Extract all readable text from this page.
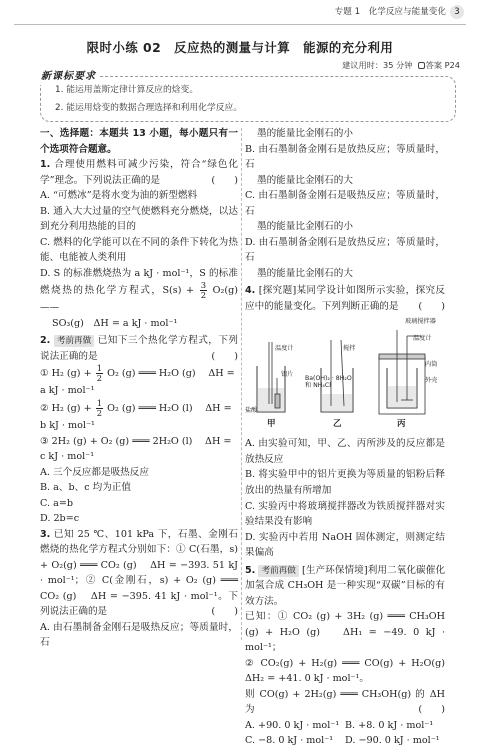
专题 1　化学反应与能量变化 3
限时小练 02　反应热的测量与计算　能源的充分利用
建议用时：35 分钟 答案 P24
新课标要求
1. 能运用盖斯定律计算反应的焓变。
2. 能运用焓变的数据合理选择和利用化学反应。

一、选择题：本题共 13 小题，每小题只有一个选项符合题意。

1. 合理使用燃料可减少污染，符合“绿色化学”理念。下列说法正确的是	(　　)

A. “可燃冰”是将水变为油的新型燃料

B. 通入大大过量的空气使燃料充分燃烧，以达到充分利用热能的目的

C. 燃料的化学能可以在不同的条件下转化为热能、电能被人类利用

D. S 的标准燃烧热为 a kJ · mol⁻¹，S 的标准燃烧热的热化学方程式，$S(s) + \frac{3}{2} O_2(g)$ ——

SO₃(g)　ΔH = a kJ · mol⁻¹

2. 考前再做 已知下三个热化学方程式，下列说法正确的是	(　　)

① H₂ $(g) + \frac{1}{2} O_2$ (g) ═══ H₂O (g)　 ΔH =

a kJ · mol⁻¹

② H₂ $(g) + \frac{1}{2} O_2$ (g) ═══ H₂O (l)　 ΔH =

b kJ · mol⁻¹

③ 2H₂ (g) + O₂ (g) ═══ 2H₂O (l)　 ΔH =

c kJ · mol⁻¹

A. 三个反应都是吸热反应

B. a、b、c 均为正值

C. a=b

D. 2b=c

3. 已知 25 ℃、101 kPa 下，石墨、金刚石燃烧的热化学方程式分别如下：① C(石墨，s) + O₂(g) ═══ CO₂ (g)　 ΔH = −393. 51 kJ · mol⁻¹；② C(金刚石，s) + O₂ (g) ═══ CO₂ (g)　 ΔH = −395. 41 kJ · mol⁻¹。下列说法正确的是	(　　)

A. 由石墨制备金刚石是吸热反应；等质量时，石

墨的能量比金刚石的小

B. 由石墨制备金刚石是放热反应；等质量时，石

墨的能量比金刚石的大

C. 由石墨制备金刚石是吸热反应；等质量时，石

墨的能量比金刚石的小

D. 由石墨制备金刚石是放热反应；等质量时，石

墨的能量比金刚石的大

4. [探究题]某同学设计如图所示实验，探究反应中的能量变化。下列判断正确的是 (　　)

温度计
盐酸
铝片
搅拌
Ba(OH)₂ · 8H₂O 和 NH₄Cl
玻璃搅拌器
温度计
内筒
外壳
甲	乙	丙

A. 由实验可知，甲、乙、丙所涉及的反应都是放热反应

B. 将实验甲中的铝片更换为等质量的铝粉后释放出的热量有所增加

C. 实验丙中将玻璃搅拌器改为铁质搅拌器对实验结果没有影响

D. 实验丙中若用 NaOH 固体测定，则测定结果偏高

5. 考前再做 [生产环保情境]利用二氧化碳催化加氢合成 CH₃OH 是一种实现“双碳”目标的有效方法。

已知：① CO₂ (g) + 3H₂ (g) ═══ CH₃OH (g) + H₂O (g)　 ΔH₁ = −49. 0 kJ · mol⁻¹；

② CO₂(g) + H₂(g) ═══ CO(g) + H₂O(g)　 ΔH₂ = +41. 0 kJ · mol⁻¹。

则 CO(g) + 2H₂(g) ═══ CH₃OH(g) 的 ΔH 为	(　　)

A. +90. 0 kJ · mol⁻¹ B. +8. 0 kJ · mol⁻¹
C. −8. 0 kJ · mol⁻¹	D. −90. 0 kJ · mol⁻¹
